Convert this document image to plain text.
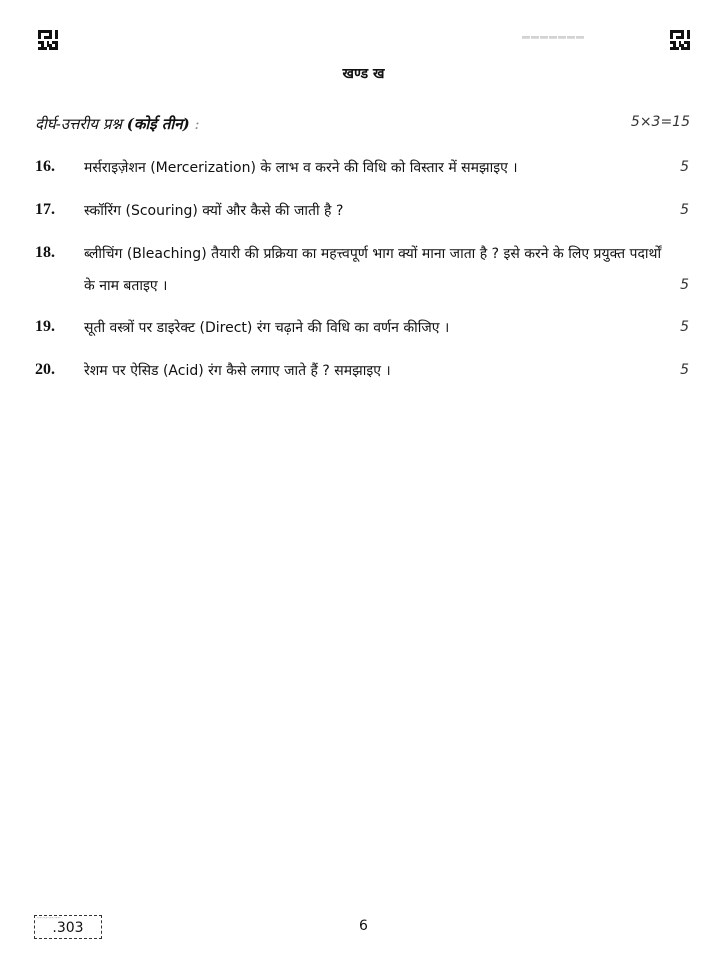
|||||||| |||||||| |||||||| |||||||| |||||||| |||||||| ||||||||
खण्ड ख
दीर्घ-उत्तरीय प्रश्न (कोई तीन) :	5×3=15
16. मर्सराइज़ेशन (Mercerization) के लाभ व करने की विधि को विस्तार में समझाइए ।	5
17. स्कॉरिंग (Scouring) क्यों और कैसे की जाती है ?	5
18. ब्लीचिंग (Bleaching) तैयारी की प्रक्रिया का महत्त्वपूर्ण भाग क्यों माना जाता है ? इसे करने के लिए प्रयुक्त पदार्थों के नाम बताइए ।	5
19. सूती वस्त्रों पर डाइरेक्ट (Direct) रंग चढ़ाने की विधि का वर्णन कीजिए ।	5
20. रेशम पर ऐसिड (Acid) रंग कैसे लगाए जाते हैं ? समझाइए ।	5
|||||||| |||||||| |||||||| ||||||||
.303	6
